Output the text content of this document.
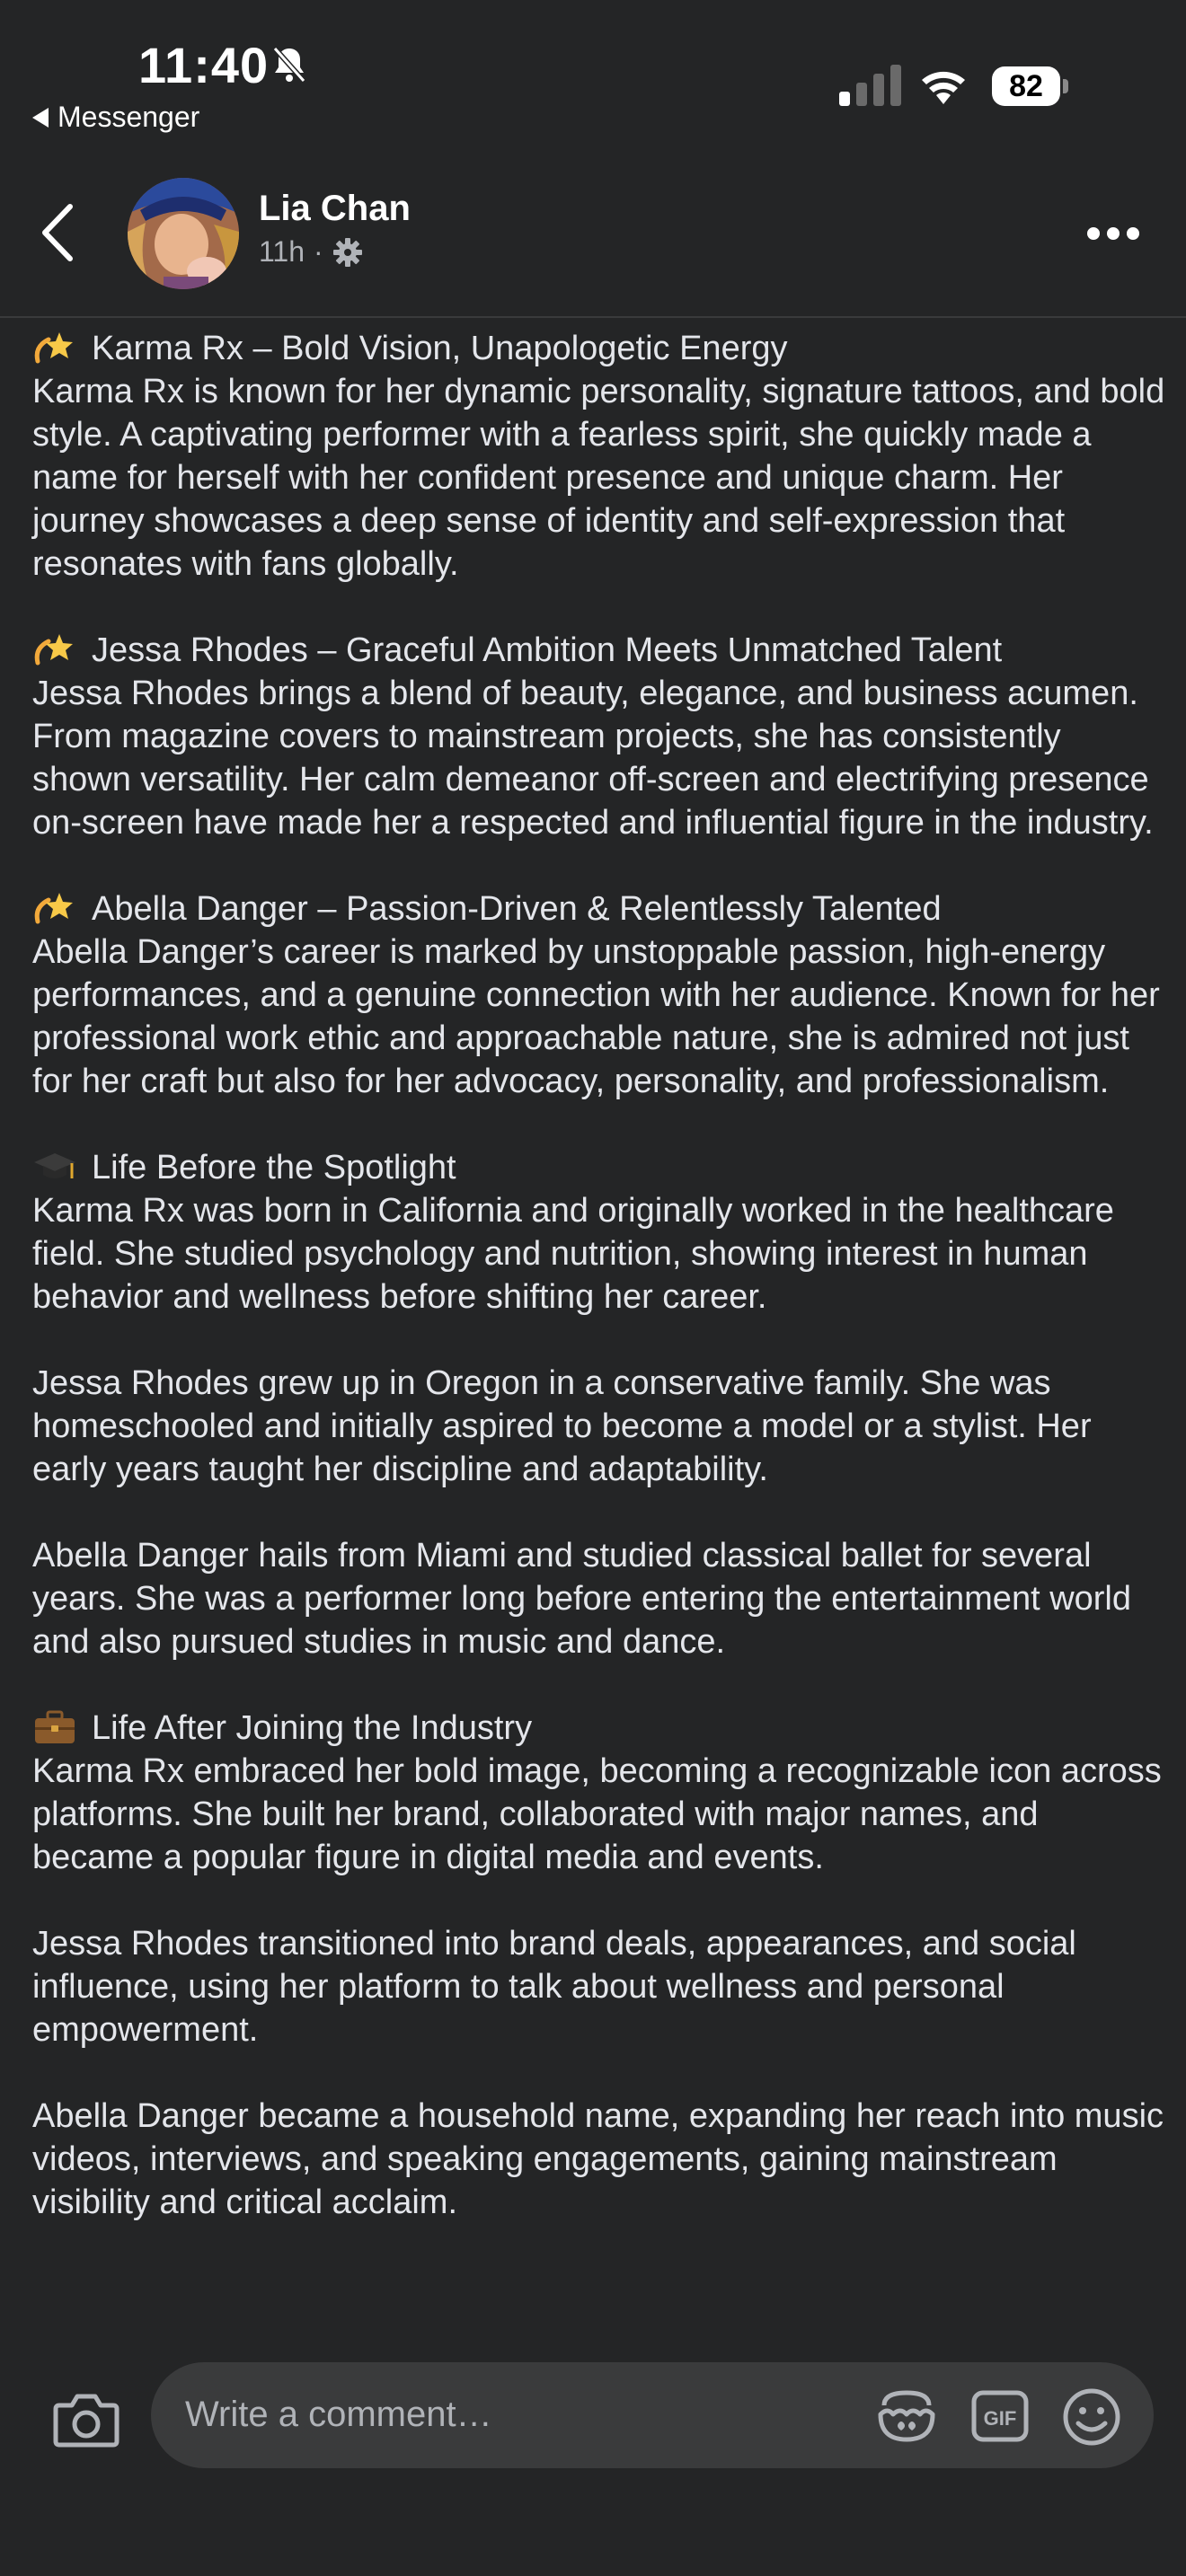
11:40
Messenger
82
Lia Chan
11h ·
Karma Rx – Bold Vision, Unapologetic Energy
Karma Rx is known for her dynamic personality, signature tattoos, and bold style. A captivating performer with a fearless spirit, she quickly made a name for herself with her confident presence and unique charm. Her journey showcases a deep sense of identity and self-expression that resonates with fans globally.
Jessa Rhodes – Graceful Ambition Meets Unmatched Talent
Jessa Rhodes brings a blend of beauty, elegance, and business acumen. From magazine covers to mainstream projects, she has consistently shown versatility. Her calm demeanor off-screen and electrifying presence on-screen have made her a respected and influential figure in the industry.
Abella Danger – Passion-Driven & Relentlessly Talented
Abella Danger’s career is marked by unstoppable passion, high-energy performances, and a genuine connection with her audience. Known for her professional work ethic and approachable nature, she is admired not just for her craft but also for her advocacy, personality, and professionalism.
Life Before the Spotlight
Karma Rx was born in California and originally worked in the healthcare field. She studied psychology and nutrition, showing interest in human behavior and wellness before shifting her career.
Jessa Rhodes grew up in Oregon in a conservative family. She was homeschooled and initially aspired to become a model or a stylist. Her early years taught her discipline and adaptability.
Abella Danger hails from Miami and studied classical ballet for several years. She was a performer long before entering the entertainment world and also pursued studies in music and dance.
Life After Joining the Industry
Karma Rx embraced her bold image, becoming a recognizable icon across platforms. She built her brand, collaborated with major names, and became a popular figure in digital media and events.
Jessa Rhodes transitioned into brand deals, appearances, and social influence, using her platform to talk about wellness and personal empowerment.
Abella Danger became a household name, expanding her reach into music videos, interviews, and speaking engagements, gaining mainstream visibility and critical acclaim.
Write a comment…	GIF
